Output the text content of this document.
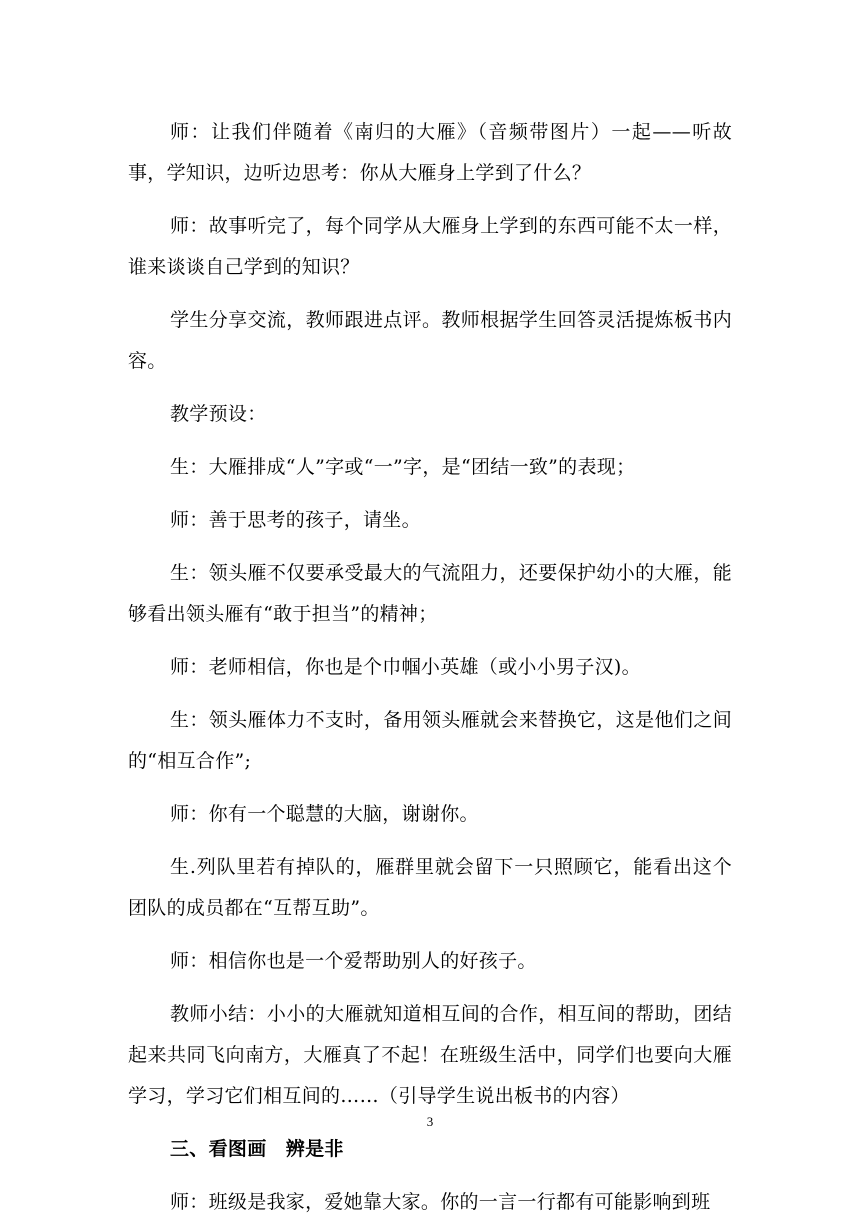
师：让我们伴随着《南归的大雁》（音频带图片）一起——听故事，学知识，边听边思考：你从大雁身上学到了什么？

师：故事听完了，每个同学从大雁身上学到的东西可能不太一样，谁来谈谈自己学到的知识？

学生分享交流，教师跟进点评。教师根据学生回答灵活提炼板书内容。

教学预设：

生：大雁排成“人”字或“一”字，是“团结一致”的表现；

师：善于思考的孩子，请坐。

生：领头雁不仅要承受最大的气流阻力，还要保护幼小的大雁，能够看出领头雁有“敢于担当”的精神；

师：老师相信，你也是个巾帼小英雄（或小小男子汉)。

生：领头雁体力不支时，备用领头雁就会来替换它，这是他们之间的“相互合作”;

师：你有一个聪慧的大脑，谢谢你。

生.列队里若有掉队的，雁群里就会留下一只照顾它，能看出这个团队的成员都在“互帮互助”。

师：相信你也是一个爱帮助别人的好孩子。

教师小结：小小的大雁就知道相互间的合作，相互间的帮助，团结起来共同飞向南方，大雁真了不起！在班级生活中，同学们也要向大雁学习，学习它们相互间的……（引导学生说出板书的内容）

三、看图画　辨是非

师：班级是我家，爱她靠大家。你的一言一行都有可能影响到班

3
